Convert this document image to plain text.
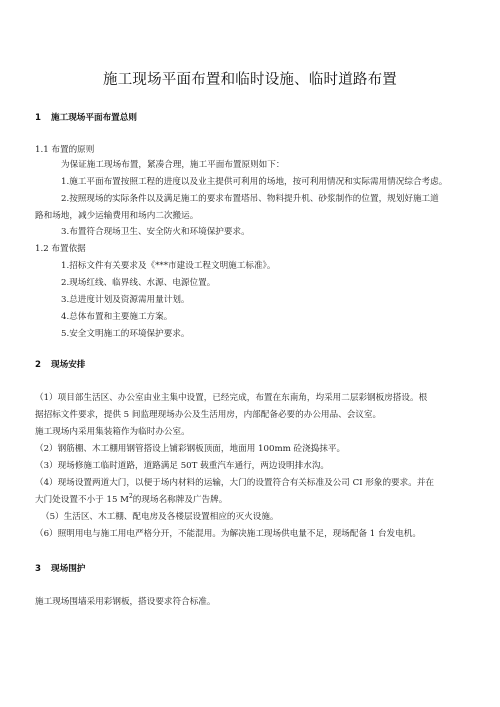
施工现场平面布置和临时设施、临时道路布置
1 施工现场平面布置总则
1.1 布置的原则
为保证施工现场布置，紧凑合理，施工平面布置原则如下：
1.施工平面布置按照工程的进度以及业主提供可利用的场地，按可利用情况和实际需用情况综合考虑。
2.按照现场的实际条件以及满足施工的要求布置塔吊、物料提升机、砂浆制作的位置，规划好施工道
路和场地，减少运输费用和场内二次搬运。
3.布置符合现场卫生、安全防火和环境保护要求。
1.2 布置依据
1.招标文件有关要求及《***市建设工程文明施工标准》。
2.现场红线、临界线、水源、电源位置。
3.总进度计划及资源需用量计划。
4.总体布置和主要施工方案。
5.安全文明施工的环境保护要求。
2 现场安排
（1）项目部生活区、办公室由业主集中设置，已经完成，布置在东南角，均采用二层彩钢板房搭设。根
据招标文件要求，提供 5 间监理现场办公及生活用房，内部配备必要的办公用品、会议室。
施工现场内采用集装箱作为临时办公室。
（2）钢筋棚、木工棚用钢管搭设上铺彩钢板顶面，地面用 100mm 砼浇捣抹平。
（3）现场修施工临时道路，道路满足 50T 载重汽车通行，两边设明排水沟。
（4）现场设置两道大门，以便于场内材料的运输，大门的设置符合有关标准及公司 CI 形象的要求。并在
大门处设置不小于 15 $M^2$的现场名称牌及广告牌。
（5）生活区、木工棚、配电房及各楼层设置相应的灭火设施。
（6）照明用电与施工用电严格分开，不能混用。为解决施工现场供电量不足，现场配备 1 台发电机。
3 现场围护
施工现场围墙采用彩钢板，搭设要求符合标准。
